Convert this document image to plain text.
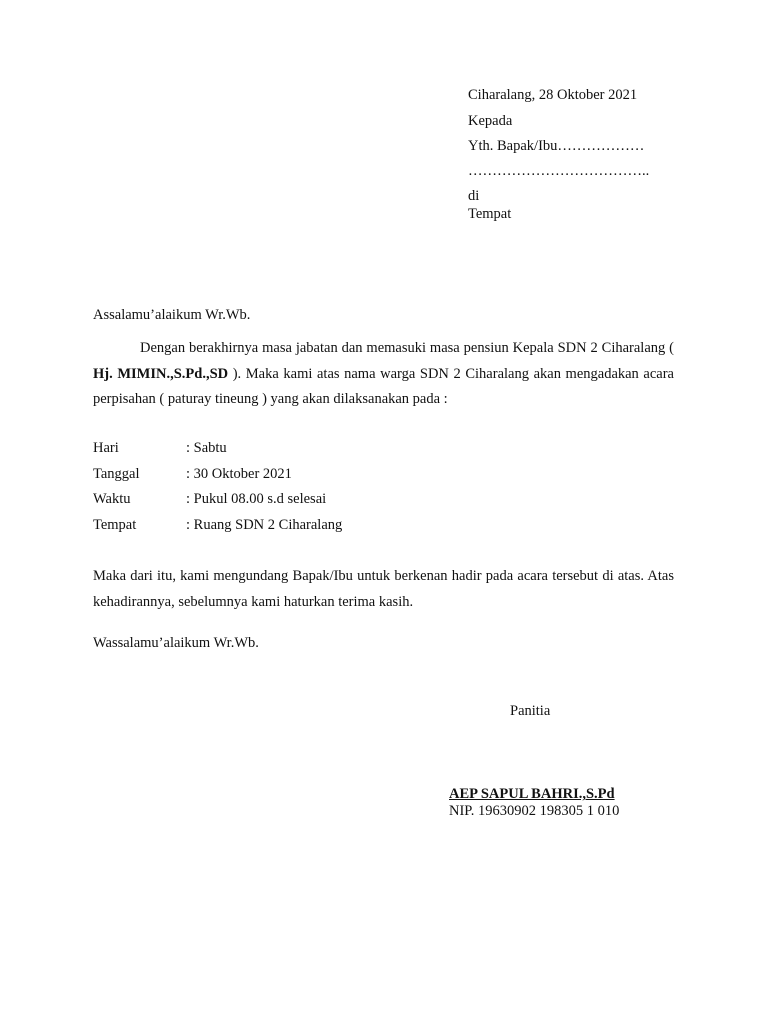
Ciharalang, 28 Oktober 2021
Kepada
Yth. Bapak/Ibu………………
………………………………..
di
Tempat
Assalamu’alaikum Wr.Wb.
Dengan berakhirnya masa jabatan dan memasuki masa pensiun Kepala SDN 2 Ciharalang ( Hj. MIMIN.,S.Pd.,SD ). Maka kami atas nama warga SDN 2 Ciharalang akan mengadakan acara perpisahan ( paturay tineung ) yang akan dilaksanakan pada :
Hari	: Sabtu
Tanggal	: 30 Oktober 2021
Waktu	: Pukul 08.00 s.d selesai
Tempat	: Ruang SDN 2 Ciharalang
Maka dari itu, kami mengundang Bapak/Ibu untuk berkenan hadir pada acara tersebut di atas. Atas kehadirannya, sebelumnya kami haturkan terima kasih.
Wassalamu’alaikum Wr.Wb.
Panitia
AEP SAPUL BAHRI.,S.Pd
NIP. 19630902 198305 1 010
